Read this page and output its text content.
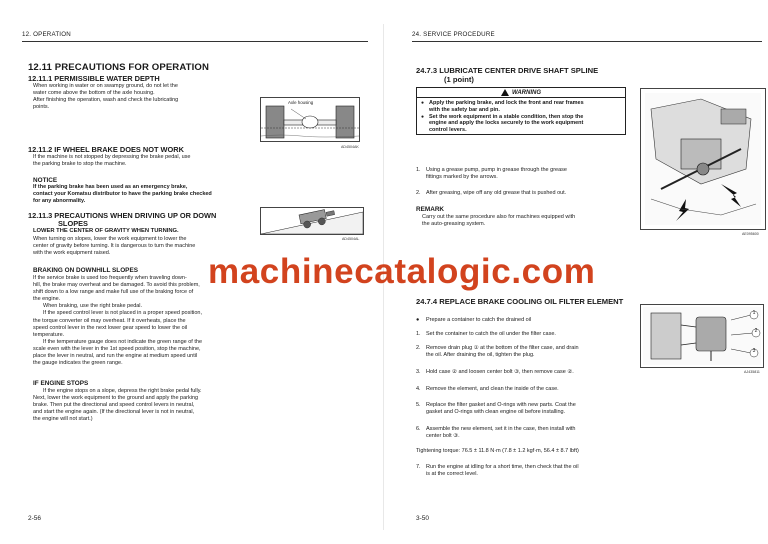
12. OPERATION
12.11 PRECAUTIONS FOR OPERATION
12.11.1 PERMISSIBLE WATER DEPTH
When working in water or on swampy ground, do not let the
water come above the bottom of the axle housing.
After finishing the operation, wash and check the lubricating
points.
Axle housing
AD4504AK
12.11.2 IF WHEEL BRAKE DOES NOT WORK
If the machine is not stopped by depressing the brake pedal, use
the parking brake to stop the machine.
NOTICE
If the parking brake has been used as an emergency brake,
contact your Komatsu distributor to have the parking brake checked
for any abnormality.
12.11.3 PRECAUTIONS WHEN DRIVING UP OR DOWN
SLOPES
LOWER THE CENTER OF GRAVITY WHEN TURNING.
When turning on slopes, lower the work equipment to lower the
center of gravity before turning. It is dangerous to turn the machine
with the work equipment raised.
AD4504AL
BRAKING ON DOWNHILL SLOPES
If the service brake is used too frequently when traveling down-
hill, the brake may overheat and be damaged. To avoid this problem,
shift down to a low range and make full use of the braking force of
the engine.
When braking, use the right brake pedal.
If the speed control lever is not placed in a proper speed position,
the torque converter oil may overheat. If it overheats, place the
speed control lever in the next lower gear speed to lower the oil
temperature.
If the temperature gauge does not indicate the green range of the
scale even with the lever in the 1st speed position, stop the machine,
place the lever in neutral, and run the engine at medium speed until
the gauge indicates the green range.
IF ENGINE STOPS
If the engine stops on a slope, depress the right brake pedal fully.
Next, lower the work equipment to the ground and apply the parking
brake. Then put the directional and speed control levers in neutral,
and start the engine again. (If the directional lever is not in neutral,
the engine will not start.)
2-56
24. SERVICE PROCEDURE
24.7.3 LUBRICATE CENTER DRIVE SHAFT SPLINE
(1 point)
WARNING
● Apply the parking brake, and lock the front and rear frames
with the safety bar and pin.
● Set the work equipment in a stable condition, then stop the
engine and apply the locks securely to the work equipment
control levers.
1. Using a grease pump, pump in grease through the grease
fittings marked by the arrows.
2. After greasing, wipe off any old grease that is pushed out.
REMARK
Carry out the same procedure also for machines equipped with
the auto-greasing system.
AE095600
24.7.4 REPLACE BRAKE COOLING OIL FILTER ELEMENT
● Prepare a container to catch the drained oil
1. Set the container to catch the oil under the filter case.
2. Remove drain plug ① at the bottom of the filter case, and drain
the oil. After draining the oil, tighten the plug.
3. Hold case ② and loosen center bolt ③, then remove case ②.
4. Remove the element, and clean the inside of the case.
5. Replace the filter gasket and O-rings with new parts. Coat the
gasket and O-rings with clean engine oil before installing.
6. Assemble the new element, set it in the case, then install with
center bolt ③.
Tightening torque: 76.5 ± 11.8 N·m (7.8 ± 1.2 kgf·m, 56.4 ± 8.7 lbft)
7. Run the engine at idling for a short time, then check that the oil
is at the correct level.
1
2
3
AJ435811
3-50
machinecatalogic.com
